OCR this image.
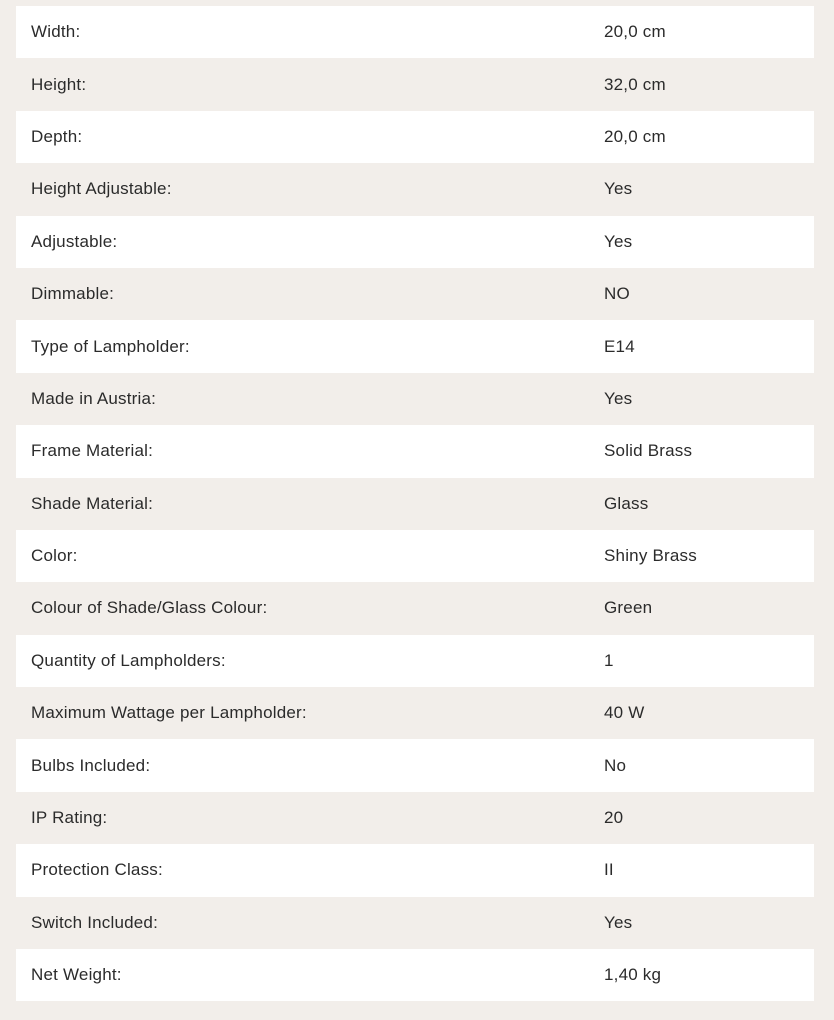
Width:	20,0 cm
Height:	32,0 cm
Depth:	20,0 cm
Height Adjustable:	Yes
Adjustable:	Yes
Dimmable:	NO
Type of Lampholder:	E14
Made in Austria:	Yes
Frame Material:	Solid Brass
Shade Material:	Glass
Color:	Shiny Brass
Colour of Shade/Glass Colour:	Green
Quantity of Lampholders:	1
Maximum Wattage per Lampholder:	40 W
Bulbs Included:	No
IP Rating:	20
Protection Class:	II
Switch Included:	Yes
Net Weight:	1,40 kg
